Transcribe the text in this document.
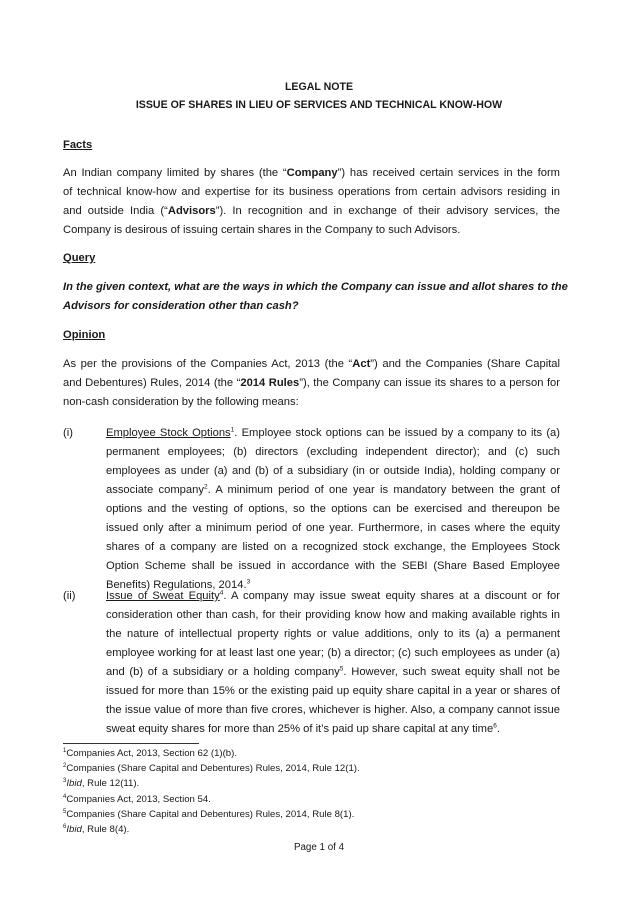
LEGAL NOTE
ISSUE OF SHARES IN LIEU OF SERVICES AND TECHNICAL KNOW-HOW
Facts
An Indian company limited by shares (the “Company”) has received certain services in the form
of technical know-how and expertise for its business operations from certain advisors residing in
and outside India (“Advisors”). In recognition and in exchange of their advisory services, the
Company is desirous of issuing certain shares in the Company to such Advisors.
Query
In the given context, what are the ways in which the Company can issue and allot shares to the
Advisors for consideration other than cash?
Opinion
As per the provisions of the Companies Act, 2013 (the “Act”) and the Companies (Share Capital
and Debentures) Rules, 2014 (the “2014 Rules”), the Company can issue its shares to a person for
non-cash consideration by the following means:
(i)	Employee Stock Options$^1$. Employee stock options can be issued by a company to its (a)
permanent employees; (b) directors (excluding independent director); and (c) such
employees as under (a) and (b) of a subsidiary (in or outside India), holding company or
associate company$^2$. A minimum period of one year is mandatory between the grant of
options and the vesting of options, so the options can be exercised and thereupon be
issued only after a minimum period of one year. Furthermore, in cases where the equity
shares of a company are listed on a recognized stock exchange, the Employees Stock
Option Scheme shall be issued in accordance with the SEBI (Share Based Employee
Benefits) Regulations, 2014.$^3$
(ii)	Issue of Sweat Equity$^4$. A company may issue sweat equity shares at a discount or for
consideration other than cash, for their providing know how and making available rights in
the nature of intellectual property rights or value additions, only to its (a) a permanent
employee working for at least last one year; (b) a director; (c) such employees as under (a)
and (b) of a subsidiary or a holding company$^5$. However, such sweat equity shall not be
issued for more than 15% or the existing paid up equity share capital in a year or shares of
the issue value of more than five crores, whichever is higher. Also, a company cannot issue
sweat equity shares for more than 25% of it’s paid up share capital at any time$^6$.
$^1$Companies Act, 2013, Section 62 (1)(b).
$^2$Companies (Share Capital and Debentures) Rules, 2014, Rule 12(1).
$^3$Ibid, Rule 12(11).
$^4$Companies Act, 2013, Section 54.
$^5$Companies (Share Capital and Debentures) Rules, 2014, Rule 8(1).
$^6$Ibid, Rule 8(4).
Page 1 of 4
